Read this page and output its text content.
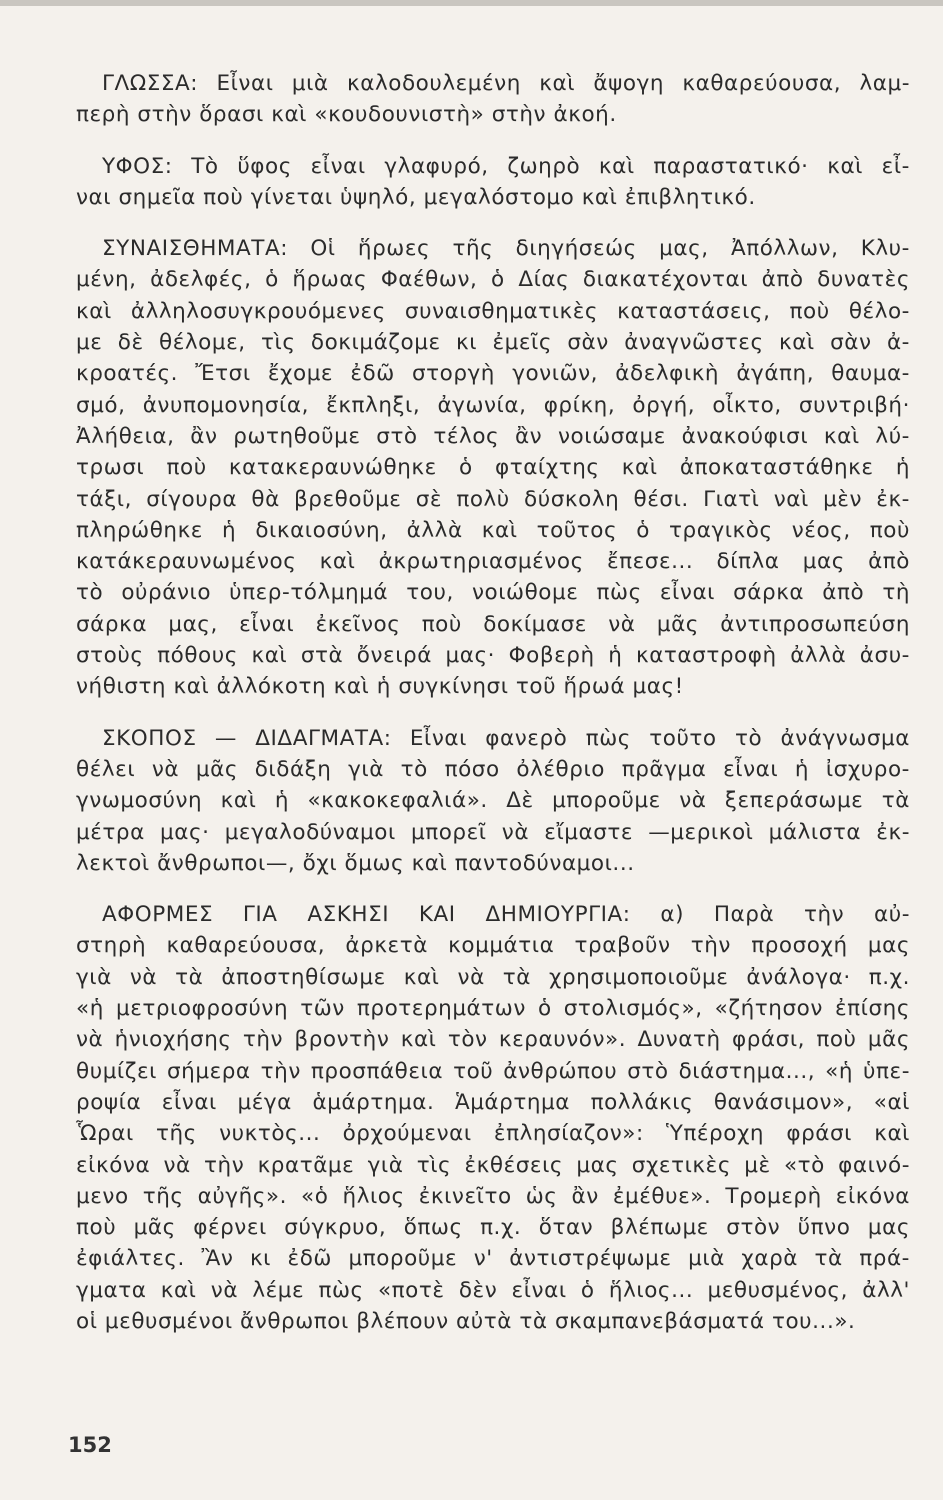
ΓΛΩΣΣΑ: Εἶναι μιὰ καλοδουλεμένη καὶ ἄψογη καθαρεύουσα, λαμ-
περὴ στὴν ὅρασι καὶ «κουδουνιστὴ» στὴν ἀκοή.
ΥΦΟΣ: Τὸ ὕφος εἶναι γλαφυρό, ζωηρὸ καὶ παραστατικό· καὶ εἶ-
ναι σημεῖα ποὺ γίνεται ὑψηλό, μεγαλόστομο καὶ ἐπιβλητικό.
ΣΥΝΑΙΣΘΗΜΑΤΑ: Οἱ ἥρωες τῆς διηγήσεώς μας, Ἀπόλλων, Κλυ-
μένη, ἀδελφές, ὁ ἥρωας Φαέθων, ὁ Δίας διακατέχονται ἀπὸ δυνατὲς
καὶ ἀλληλοσυγκρουόμενες συναισθηματικὲς καταστάσεις, ποὺ θέλο-
με δὲ θέλομε, τὶς δοκιμάζομε κι ἐμεῖς σὰν ἀναγνῶστες καὶ σὰν ἀ-
κροατές. Ἔτσι ἔχομε ἐδῶ στοργὴ γονιῶν, ἀδελφικὴ ἀγάπη, θαυμα-
σμό, ἀνυπομονησία, ἔκπληξι, ἀγωνία, φρίκη, ὀργή, οἶκτο, συντριβή·
Ἀλήθεια, ἂν ρωτηθοῦμε στὸ τέλος ἂν νοιώσαμε ἀνακούφισι καὶ λύ-
τρωσι ποὺ κατακεραυνώθηκε ὁ φταίχτης καὶ ἀποκαταστάθηκε ἡ
τάξι, σίγουρα θὰ βρεθοῦμε σὲ πολὺ δύσκολη θέσι. Γιατὶ ναὶ μὲν ἐκ-
πληρώθηκε ἡ δικαιοσύνη, ἀλλὰ καὶ τοῦτος ὁ τραγικὸς νέος, ποὺ
κατάκεραυνωμένος καὶ ἀκρωτηριασμένος ἔπεσε... δίπλα μας ἀπὸ
τὸ οὐράνιο ὑπερ-τόλμημά του, νοιώθομε πὼς εἶναι σάρκα ἀπὸ τὴ
σάρκα μας, εἶναι ἐκεῖνος ποὺ δοκίμασε νὰ μᾶς ἀντιπροσωπεύση
στοὺς πόθους καὶ στὰ ὄνειρά μας· Φοβερὴ ἡ καταστροφὴ ἀλλὰ ἀσυ-
νήθιστη καὶ ἀλλόκοτη καὶ ἡ συγκίνησι τοῦ ἥρωά μας!
ΣΚΟΠΟΣ — ΔΙΔΑΓΜΑΤΑ: Εἶναι φανερὸ πὼς τοῦτο τὸ ἀνάγνωσμα
θέλει νὰ μᾶς διδάξη γιὰ τὸ πόσο ὀλέθριο πρᾶγμα εἶναι ἡ ἰσχυρο-
γνωμοσύνη καὶ ἡ «κακοκεφαλιά». Δὲ μποροῦμε νὰ ξεπεράσωμε τὰ
μέτρα μας· μεγαλοδύναμοι μπορεῖ νὰ εἴμαστε —μερικοὶ μάλιστα ἐκ-
λεκτοὶ ἄνθρωποι—, ὄχι ὅμως καὶ παντοδύναμοι...
ΑΦΟΡΜΕΣ ΓΙΑ ΑΣΚΗΣΙ ΚΑΙ ΔΗΜΙΟΥΡΓΙΑ: α) Παρὰ τὴν αὐ-
στηρὴ καθαρεύουσα, ἀρκετὰ κομμάτια τραβοῦν τὴν προσοχή μας
γιὰ νὰ τὰ ἀποστηθίσωμε καὶ νὰ τὰ χρησιμοποιοῦμε ἀνάλογα· π.χ.
«ἡ μετριοφροσύνη τῶν προτερημάτων ὁ στολισμός», «ζήτησον ἐπίσης
νὰ ἡνιοχήσης τὴν βροντὴν καὶ τὸν κεραυνόν». Δυνατὴ φράσι, ποὺ μᾶς
θυμίζει σήμερα τὴν προσπάθεια τοῦ ἀνθρώπου στὸ διάστημα..., «ἡ ὑπε-
ροψία εἶναι μέγα ἁμάρτημα. Ἁμάρτημα πολλάκις θανάσιμον», «αἱ
Ὧραι τῆς νυκτὸς... ὀρχούμεναι ἐπλησίαζον»: Ὑπέροχη φράσι καὶ
εἰκόνα νὰ τὴν κρατᾶμε γιὰ τὶς ἐκθέσεις μας σχετικὲς μὲ «τὸ φαινό-
μενο τῆς αὐγῆς». «ὁ ἥλιος ἐκινεῖτο ὡς ἂν ἐμέθυε». Τρομερὴ εἰκόνα
ποὺ μᾶς φέρνει σύγκρυο, ὅπως π.χ. ὅταν βλέπωμε στὸν ὕπνο μας
ἐφιάλτες. Ἂν κι ἐδῶ μποροῦμε ν' ἀντιστρέψωμε μιὰ χαρὰ τὰ πρά-
γματα καὶ νὰ λέμε πὼς «ποτὲ δὲν εἶναι ὁ ἥλιος... μεθυσμένος, ἀλλ'
οἱ μεθυσμένοι ἄνθρωποι βλέπουν αὐτὰ τὰ σκαμπανεβάσματά του...».
152
